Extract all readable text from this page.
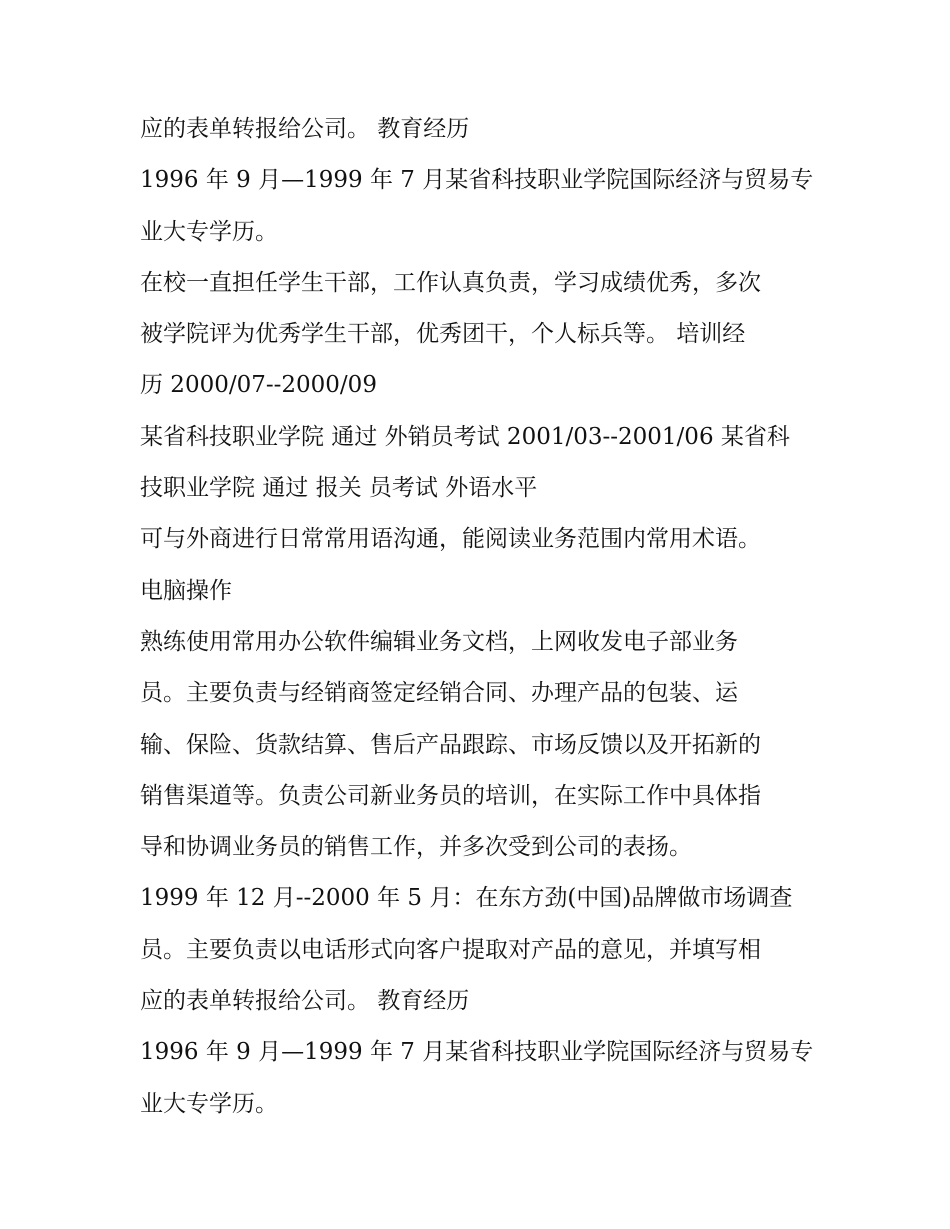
应的表单转报给公司。 教育经历

1996 年 9 月—1999 年 7 月某省科技职业学院国际经济与贸易专

业大专学历。

在校一直担任学生干部，工作认真负责，学习成绩优秀，多次

被学院评为优秀学生干部，优秀团干，个人标兵等。 培训经

历 2000/07--2000/09

某省科技职业学院 通过 外销员考试 2001/03--2001/06 某省科

技职业学院 通过 报关 员考试 外语水平

可与外商进行日常常用语沟通，能阅读业务范围内常用术语。

电脑操作

熟练使用常用办公软件编辑业务文档，上网收发电子部业务

员。主要负责与经销商签定经销合同、办理产品的包装、运

输、保险、货款结算、售后产品跟踪、市场反馈以及开拓新的

销售渠道等。负责公司新业务员的培训，在实际工作中具体指

导和协调业务员的销售工作，并多次受到公司的表扬。

1999 年 12 月--2000 年 5 月：在东方劲(中国)品牌做市场调查

员。主要负责以电话形式向客户提取对产品的意见，并填写相

应的表单转报给公司。 教育经历

1996 年 9 月—1999 年 7 月某省科技职业学院国际经济与贸易专

业大专学历。
